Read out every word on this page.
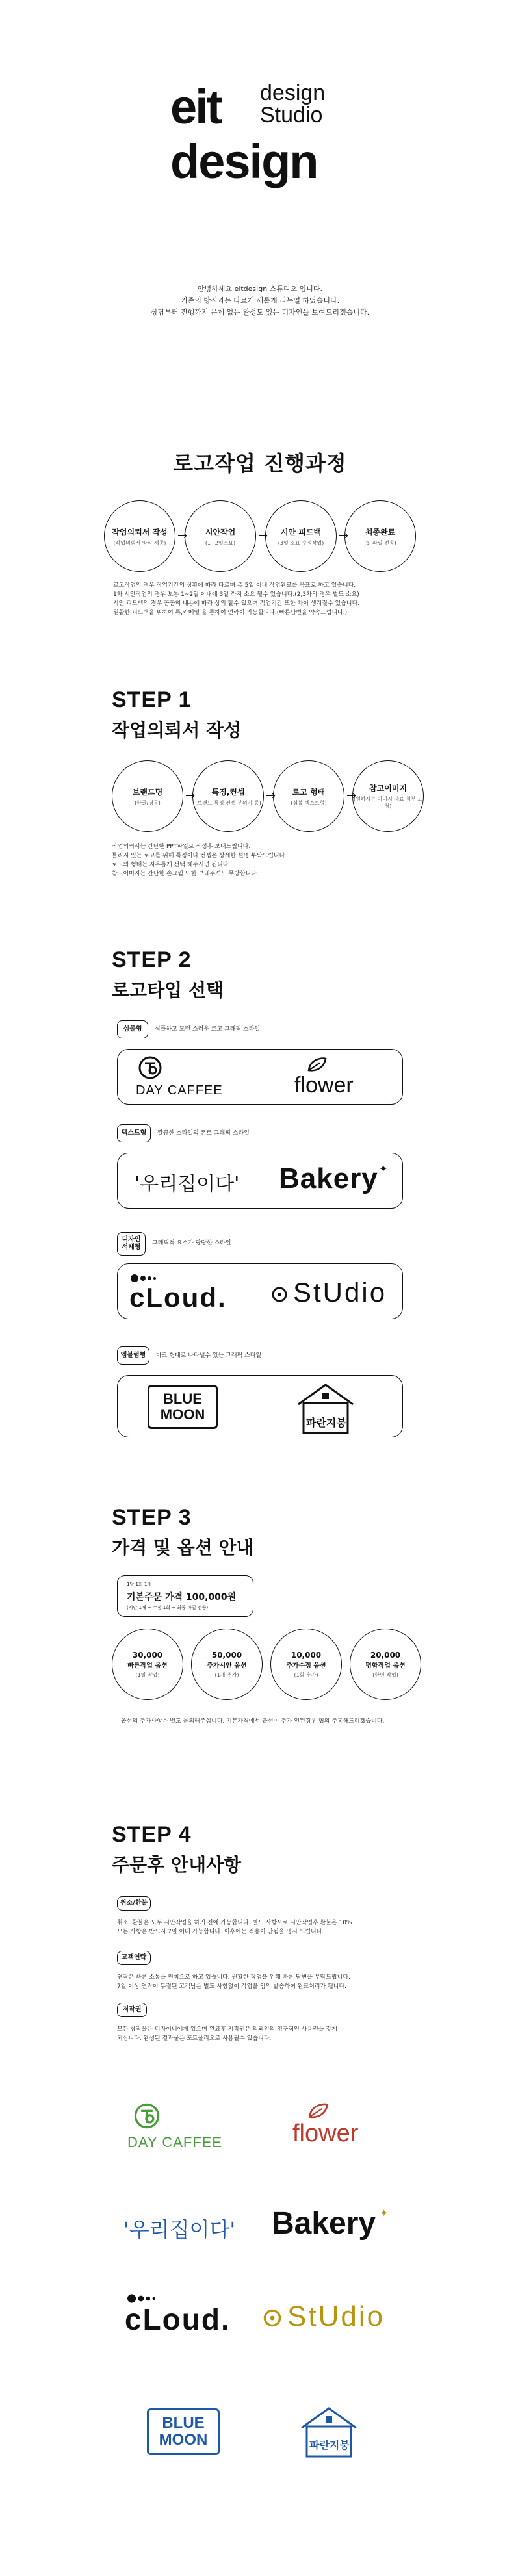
eit design
Studio
design
안녕하세요 eitdesign 스튜디오 입니다.
기존의 방식과는 다르게 새롭게 리뉴얼 하였습니다.
상담부터 진행까지 문제 없는 완성도 있는 디자인을 보여드리겠습니다.
로고작업 진행과정
작업의뢰서 작성
(작업의뢰서 양식 제공) → 시안작업
(1~2일소요) → 시안 피드백
(3일 소요 수정작업) → 최종완료
(ai 파일 전송)
로고작업의 경우 작업기간의 상황에 따라 다르며 총 5일 이내 작업완료를 목표로 하고 있습니다.
1차 시안작업의 경우 보통 1~2일 이내에 3일 까지 소요 될수 있습니다.(2,3차의 경우 별도 소요)
시안 피드백의 경우 꼼꼼히 내용에 따라 상의 할수 있으며 작업기간 또한 차이 생겨질수 있습니다.
원활한 피드백을 위하여 톡,카메일 을 통하여 연락이 가능합니다.(빠른답변을 약속드립니다.)
STEP 1
작업의뢰서 작성
브랜드명
(한글/영문) → 특징,컨셉
(브랜드 특징 컨셉 분위기 등) → 로고 형태
(심볼 텍스트형) →
참고이미지
(원하시는 이미지 자료 첨부 요청)
작업의뢰서는 간단한 PPT파일로 작성후 보내드립니다.
틀리지 있는 로고를 위해 특징이나 컨셉은 상세한 설명 부탁드립니다.
로고의 형태는 자유롭게 선택 해주시면 됩니다.
참고이미지는 간단한 손그림 또한 보내주셔도 무방합니다.
STEP 2
로고타입 선택
심볼형	심플하고 모던 스러운 로고 그래픽 스타일
DAY CAFFEE	flower
텍스트형	깔끔한 스타일의 폰트 그래픽 스타일
'우리집이다' Bakery ✦
디자인 서체형
그래픽적 요소가 당당한 스타일
cLoud. StUdio
엠블럼형	마크 형태로 나타낼수 있는 그래픽 스타일
BLUE
MOON
파란지붕
STEP 3
가격 및 옵션 안내
1달 1회 1개
기본주문 가격 100,000원
(시안 1개 + 수정 1회 + 최종 파일 전송)
30,000
빠른작업 옵션
(1일 작업)
50,000
추가시안 옵션
(1개 추가)
10,000
추가수정 옵션
(1회 추가)
20,000
명함작업 옵션
(한면 작업)
옵션의 추가사항은 별도 문의해주십니다. 기본가격에서 옵션이 추가 인된경우 협의 추홍해드리겠습니다.
STEP 4
주문후 안내사항
취소/환불
취소, 환불은 모두 시안작업을 하기 전에 가능합니다. 별도 사항으로 시안작업후 환불은 10%
모든 사항은 반드시 7일 이내 가능합니다. 이후에는 적용이 안됨을 명시 드립니다.
고객연락
연락은 빠른 소통을 원칙으로 하고 있습니다. 원활한 작업을 위해 빠른 답변을 부탁드립니다.
7일 이상 연락이 두절된 고객님은 별도 사항없이 작업을 임의 발송하여 완료처리가 됩니다.
저작권
모든 창작물은 디자이너에게 있으며 완료후 저작권은 의뢰인의 영구적인 사용권을 갖게
되십니다. 완성된 결과물은 포트폴리오로 사용될수 있습니다.
DAY CAFFEE	flower
'우리집이다' Bakery ✦
cLoud. StUdio
BLUE
MOON	파란지붕
